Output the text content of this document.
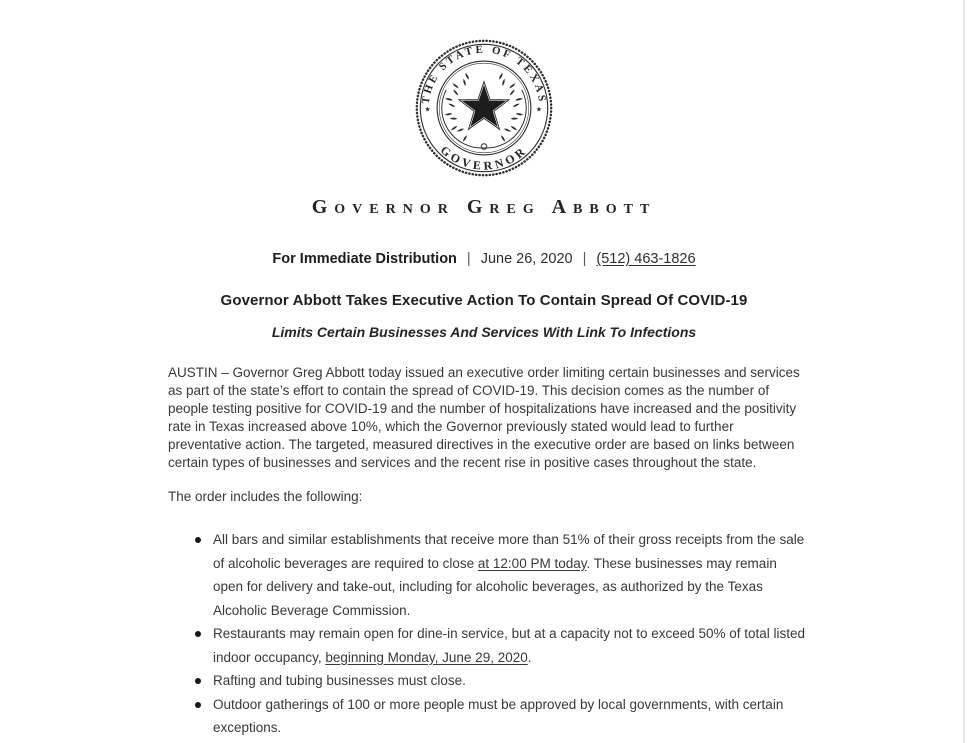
THE STATE OF TEXAS
GOVERNOR
★	★
Governor Greg Abbott
For Immediate Distribution | June 26, 2020 | (512) 463-1826
Governor Abbott Takes Executive Action To Contain Spread Of COVID-19
Limits Certain Businesses And Services With Link To Infections

AUSTIN – Governor Greg Abbott today issued an executive order limiting certain businesses and services as part of the state’s effort to contain the spread of COVID-19. This decision comes as the number of people testing positive for COVID-19 and the number of hospitalizations have increased and the positivity rate in Texas increased above 10%, which the Governor previously stated would lead to further preventative action. The targeted, measured directives in the executive order are based on links between certain types of businesses and services and the recent rise in positive cases throughout the state.

The order includes the following:

All bars and similar establishments that receive more than 51% of their gross receipts from the sale of alcoholic beverages are required to close at 12:00 PM today. These businesses may remain open for delivery and take-out, including for alcoholic beverages, as authorized by the Texas Alcoholic Beverage Commission.
Restaurants may remain open for dine-in service, but at a capacity not to exceed 50% of total listed indoor occupancy, beginning Monday, June 29, 2020.
Rafting and tubing businesses must close.
Outdoor gatherings of 100 or more people must be approved by local governments, with certain exceptions.
